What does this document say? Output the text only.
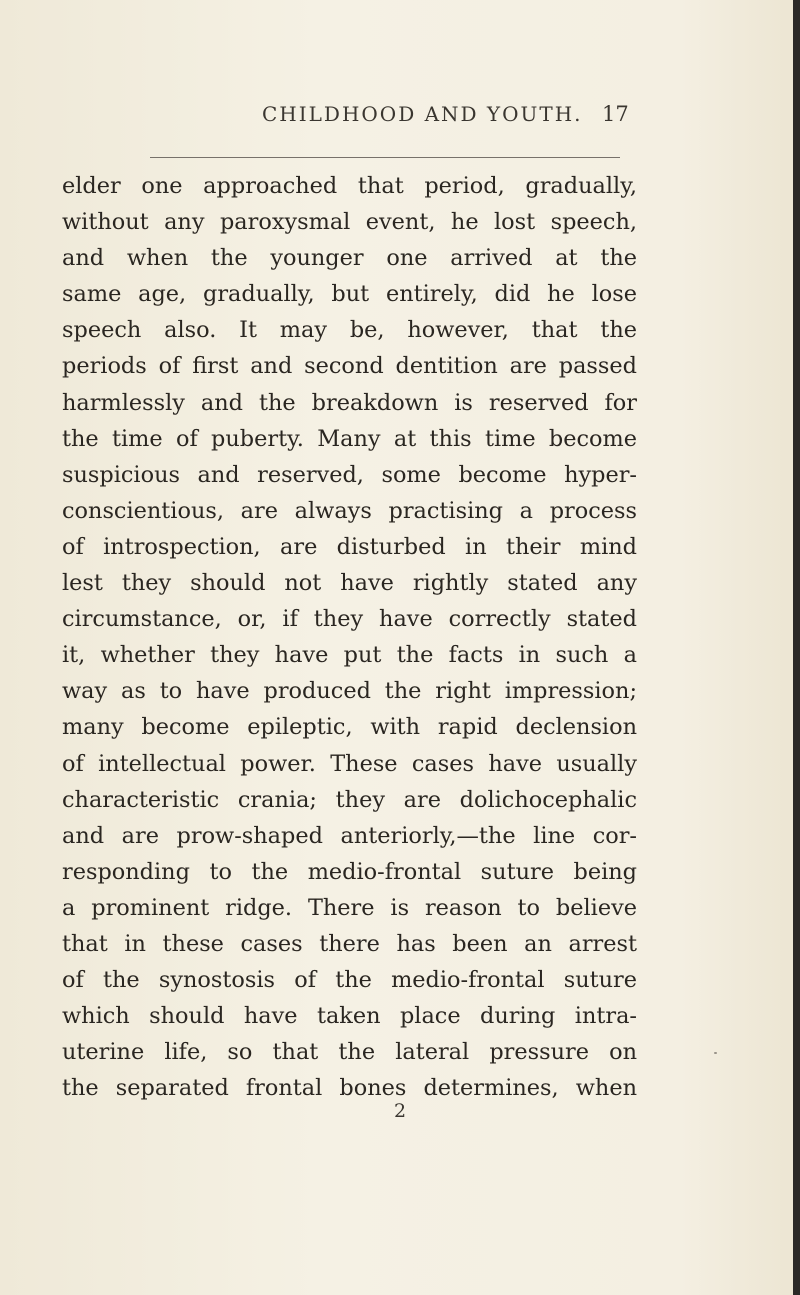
CHILDHOOD AND YOUTH. 17
elder one approached that period, gradually,
without any paroxysmal event, he lost speech,
and when the younger one arrived at the
same age, gradually, but entirely, did he lose
speech also. It may be, however, that the
periods of first and second dentition are passed
harmlessly and the breakdown is reserved for
the time of puberty. Many at this time become
suspicious and reserved, some become hyper-
conscientious, are always practising a process
of introspection, are disturbed in their mind
lest they should not have rightly stated any
circumstance, or, if they have correctly stated
it, whether they have put the facts in such a
way as to have produced the right impression;
many become epileptic, with rapid declension
of intellectual power. These cases have usually
characteristic crania; they are dolichocephalic
and are prow-shaped anteriorly,—the line cor-
responding to the medio-frontal suture being
a prominent ridge. There is reason to believe
that in these cases there has been an arrest
of the synostosis of the medio-frontal suture
which should have taken place during intra-
uterine life, so that the lateral pressure on
the separated frontal bones determines, when
2
